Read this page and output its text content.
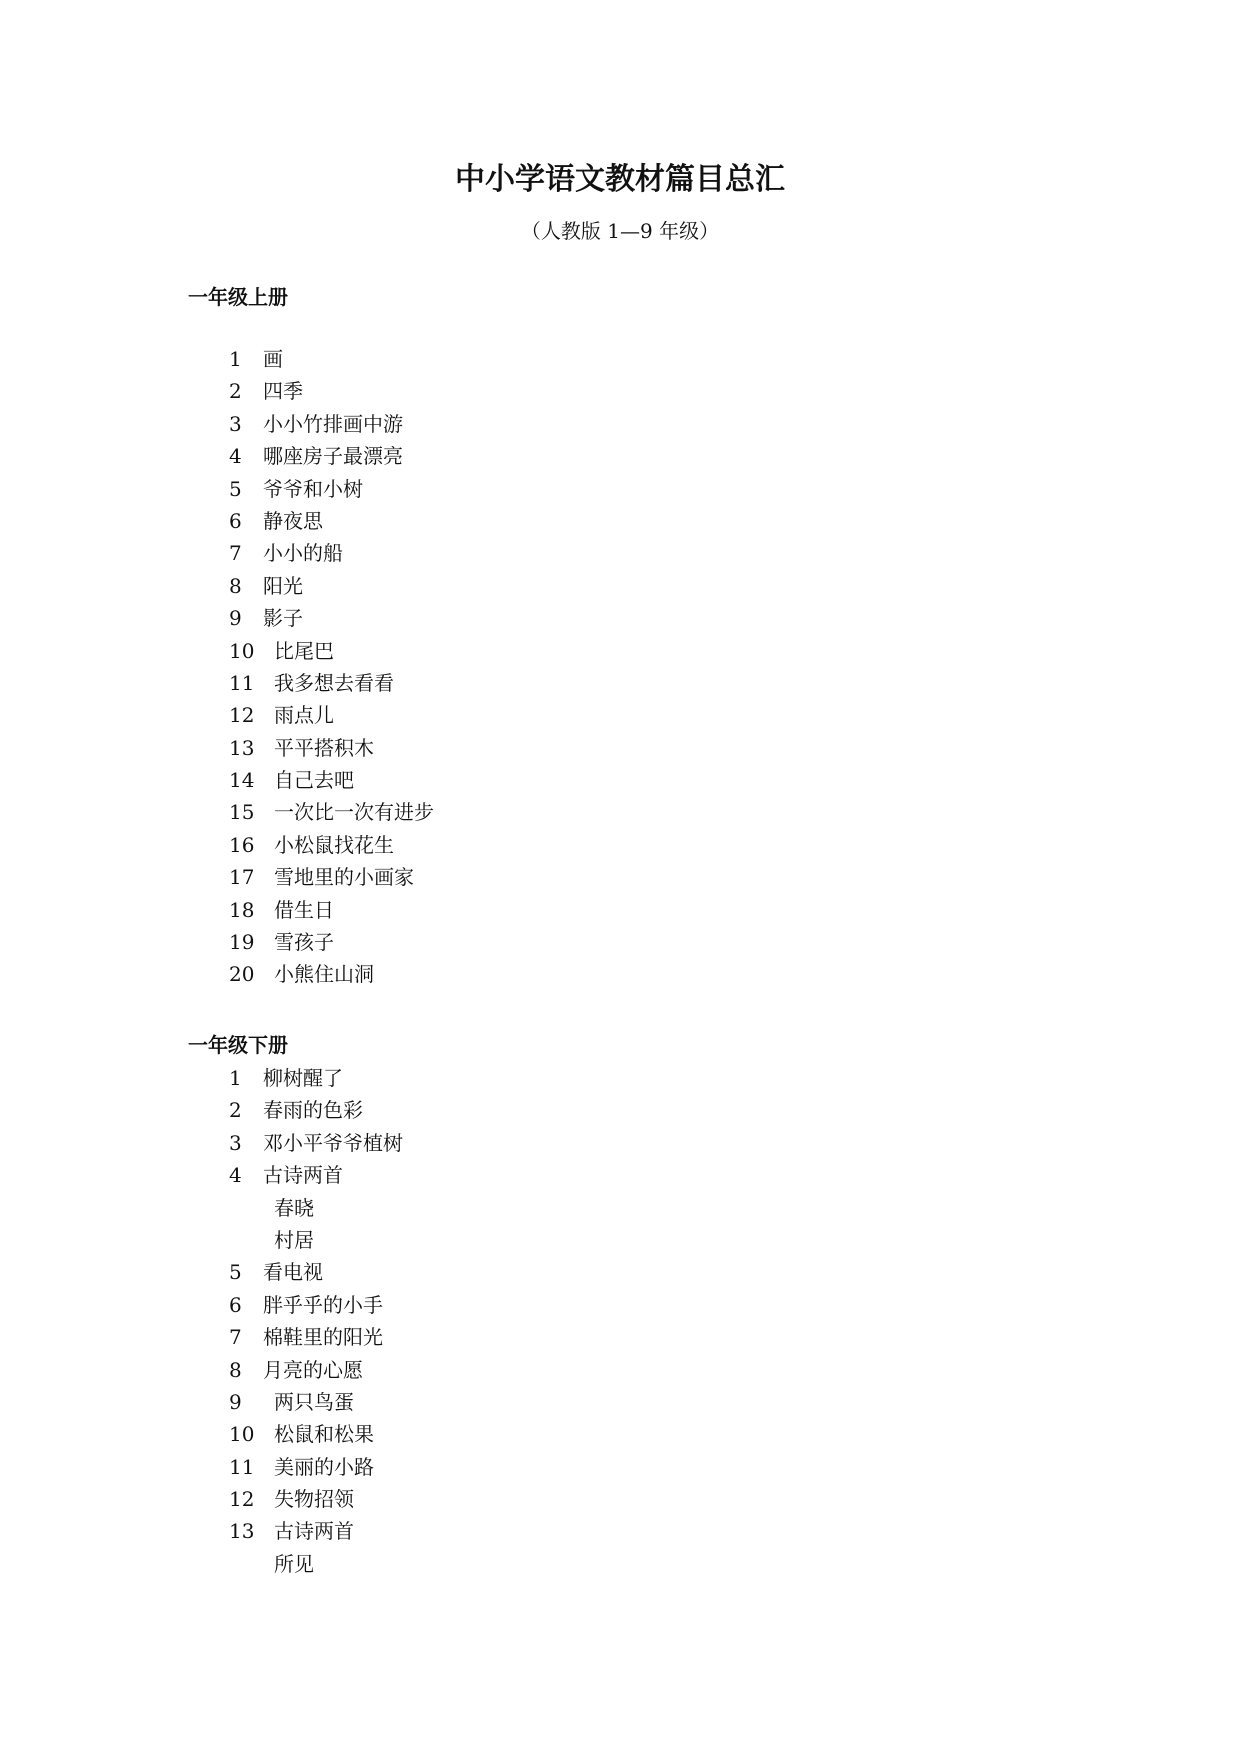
中小学语文教材篇目总汇
（人教版 1—9 年级）
一年级上册
1 画
2 四季
3 小小竹排画中游
4 哪座房子最漂亮
5 爷爷和小树
6 静夜思
7 小小的船
8 阳光
9 影子
10 比尾巴
11 我多想去看看
12 雨点儿
13 平平搭积木
14 自己去吧
15 一次比一次有进步
16 小松鼠找花生
17 雪地里的小画家
18 借生日
19 雪孩子
20 小熊住山洞
一年级下册
1 柳树醒了
2 春雨的色彩
3 邓小平爷爷植树
4 古诗两首
春晓
村居
5 看电视
6 胖乎乎的小手
7 棉鞋里的阳光
8 月亮的心愿
9 两只鸟蛋
10 松鼠和松果
11 美丽的小路
12 失物招领
13 古诗两首
所见
